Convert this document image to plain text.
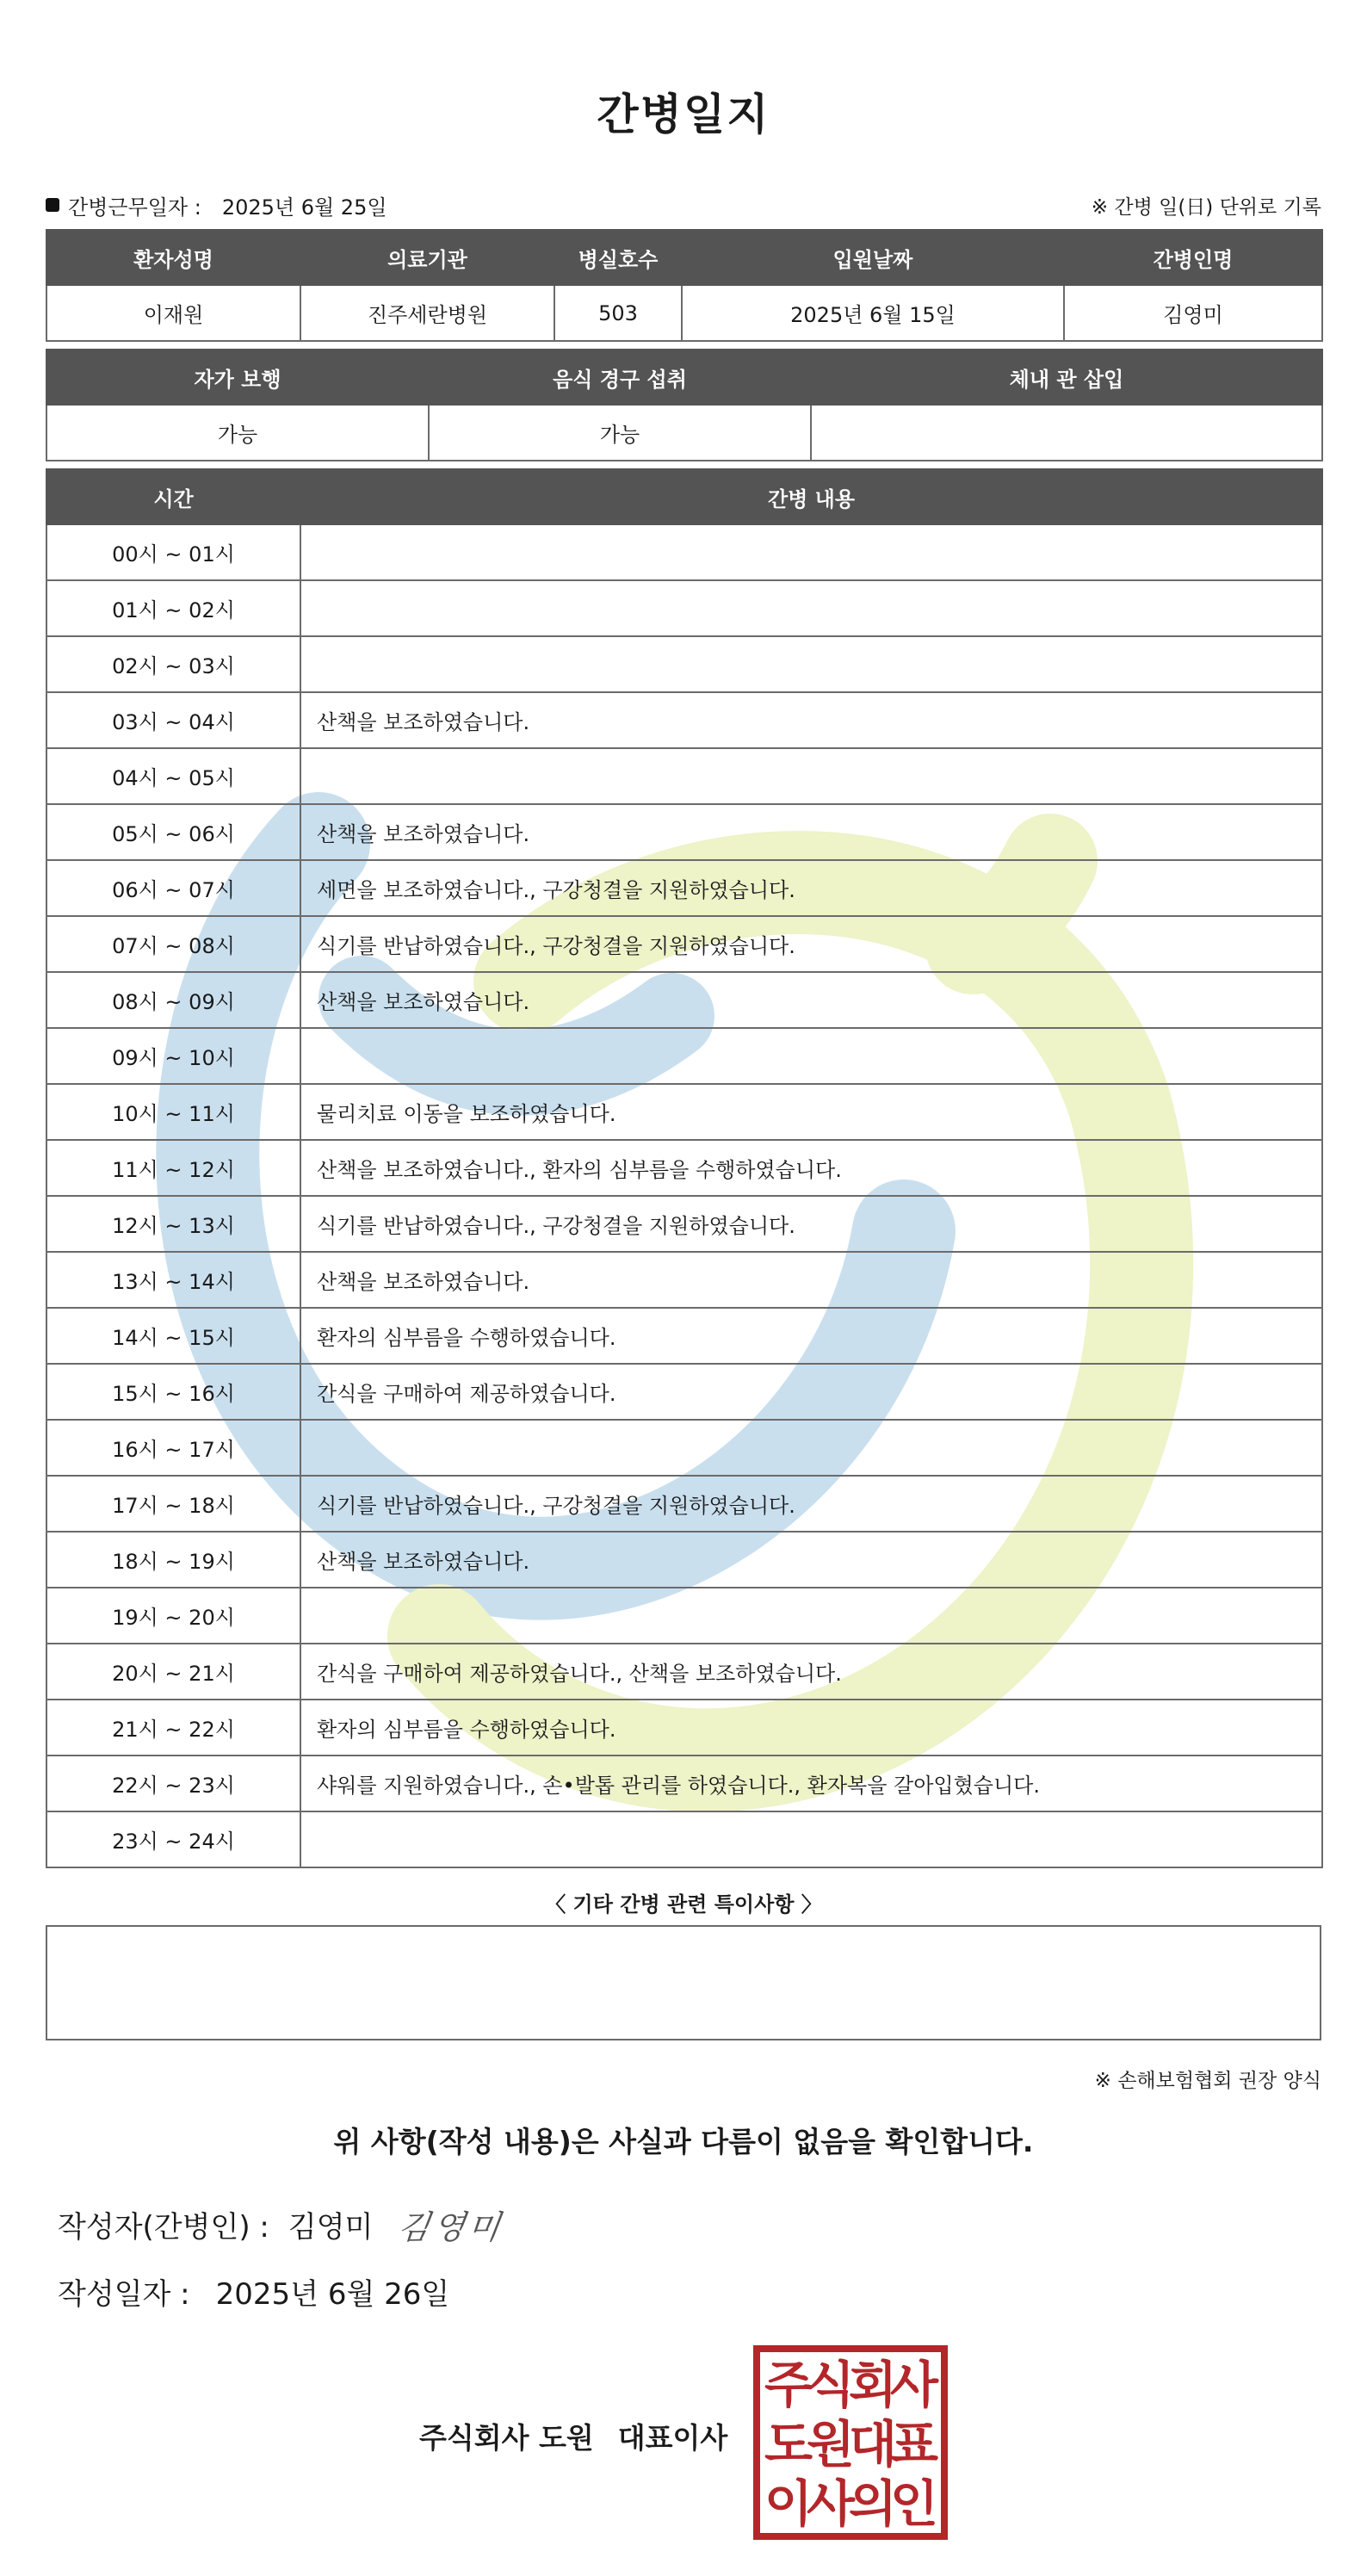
간병일지
간병근무일자 : 2025년 6월 25일	※ 간병 일(日) 단위로 기록
환자성명	의료기관	병실호수	입원날짜	간병인명
이재원	진주세란병원	503	2025년 6월 15일	김영미
자가 보행	음식 경구 섭취	체내 관 삽입
가능	가능	
시간	간병 내용
00시 ~ 01시	
01시 ~ 02시	
02시 ~ 03시	
03시 ~ 04시	산책을 보조하였습니다.
04시 ~ 05시	
05시 ~ 06시	산책을 보조하였습니다.
06시 ~ 07시	세면을 보조하였습니다., 구강청결을 지원하였습니다.
07시 ~ 08시	식기를 반납하였습니다., 구강청결을 지원하였습니다.
08시 ~ 09시	산책을 보조하였습니다.
09시 ~ 10시	
10시 ~ 11시	물리치료 이동을 보조하였습니다.
11시 ~ 12시	산책을 보조하였습니다., 환자의 심부름을 수행하였습니다.
12시 ~ 13시	식기를 반납하였습니다., 구강청결을 지원하였습니다.
13시 ~ 14시	산책을 보조하였습니다.
14시 ~ 15시	환자의 심부름을 수행하였습니다.
15시 ~ 16시	간식을 구매하여 제공하였습니다.
16시 ~ 17시	
17시 ~ 18시	식기를 반납하였습니다., 구강청결을 지원하였습니다.
18시 ~ 19시	산책을 보조하였습니다.
19시 ~ 20시	
20시 ~ 21시	간식을 구매하여 제공하였습니다., 산책을 보조하였습니다.
21시 ~ 22시	환자의 심부름을 수행하였습니다.
22시 ~ 23시	샤워를 지원하였습니다., 손•발톱 관리를 하였습니다., 환자복을 갈아입혔습니다.
23시 ~ 24시	
〈 기타 간병 관련 특이사항 〉
※ 손해보험협회 권장 양식
위 사항(작성 내용)은 사실과 다름이 없음을 확인합니다.
작성자(간병인) : 김영미 김영미
작성일자 : 2025년 6월 26일
주식회사 도원 대표이사
주
식
회
사
도
원
대
표
이
사
의
인
